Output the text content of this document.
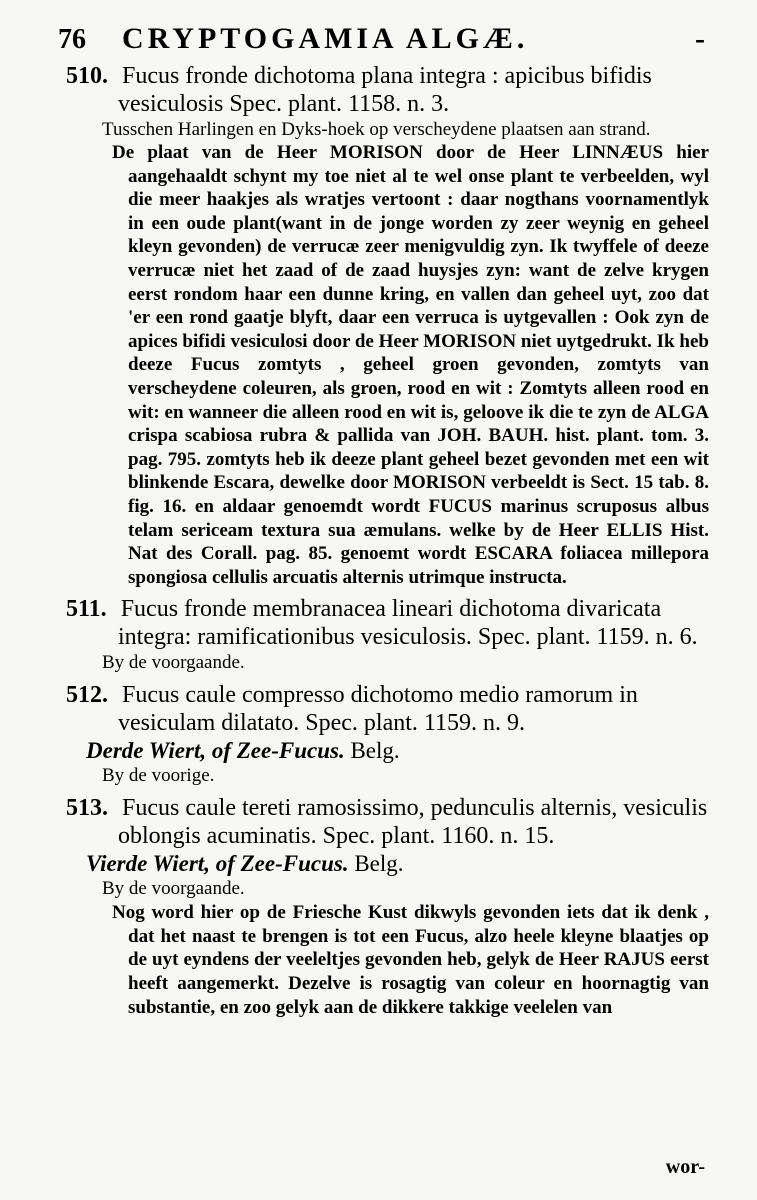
76 CRYPTOGAMIA ALGÆ.	-
510. Fucus fronde dichotoma plana integra : apicibus bifidis vesiculosis Spec. plant. 1158. n. 3.
Tusschen Harlingen en Dyks-hoek op verscheydene plaatsen aan strand.
De plaat van de Heer MORISON door de Heer LINNÆUS hier aangehaaldt schynt my toe niet al te wel onse plant te verbeelden, wyl die meer haakjes als wratjes vertoont : daar nogthans voornamentlyk in een oude plant(want in de jonge worden zy zeer weynig en geheel kleyn gevonden) de verrucæ zeer menigvuldig zyn. Ik twyffele of deeze verrucæ niet het zaad of de zaad huysjes zyn: want de zelve krygen eerst rondom haar een dunne kring, en vallen dan geheel uyt, zoo dat 'er een rond gaatje blyft, daar een verruca is uytgevallen : Ook zyn de apices bifidi vesiculosi door de Heer MORISON niet uytgedrukt. Ik heb deeze Fucus zomtyts , geheel groen gevonden, zomtyts van verscheydene coleuren, als groen, rood en wit : Zomtyts alleen rood en wit: en wanneer die alleen rood en wit is, geloove ik die te zyn de ALGA crispa scabiosa rubra & pallida van JOH. BAUH. hist. plant. tom. 3. pag. 795. zomtyts heb ik deeze plant geheel bezet gevonden met een wit blinkende Escara, dewelke door MORISON verbeeldt is Sect. 15 tab. 8. fig. 16. en aldaar genoemdt wordt FUCUS marinus scruposus albus telam sericeam textura sua æmulans. welke by de Heer ELLIS Hist. Nat des Corall. pag. 85. genoemt wordt ESCARA foliacea millepora spongiosa cellulis arcuatis alternis utrimque instructa.
511. Fucus fronde membranacea lineari dichotoma divaricata integra: ramificationibus vesiculosis. Spec. plant. 1159. n. 6.
By de voorgaande.
512. Fucus caule compresso dichotomo medio ramorum in vesiculam dilatato. Spec. plant. 1159. n. 9.
Derde Wiert, of Zee-Fucus. Belg.
By de voorige.
513. Fucus caule tereti ramosissimo, pedunculis alternis, vesiculis oblongis acuminatis. Spec. plant. 1160. n. 15.
Vierde Wiert, of Zee-Fucus. Belg.
By de voorgaande.
Nog word hier op de Friesche Kust dikwyls gevonden iets dat ik denk , dat het naast te brengen is tot een Fucus, alzo heele kleyne blaatjes op de uyt eyndens der veeleltjes gevonden heb, gelyk de Heer RAJUS eerst heeft aangemerkt. Dezelve is rosagtig van coleur en hoornagtig van substantie, en zoo gelyk aan de dikkere takkige veelelen van
wor-
